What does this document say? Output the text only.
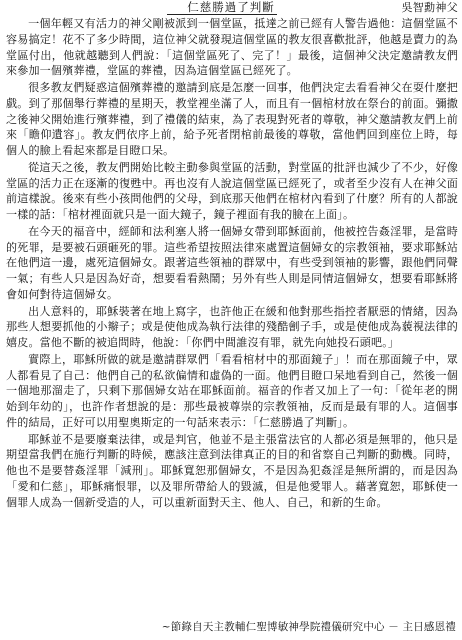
仁慈勝過了判斷	吳智勳神父

一個年輕又有活力的神父剛被派到一個堂區，抵達之前已經有人警告過他：這個堂區不容易搞定！花不了多少時間，這位神父就發現這個堂區的教友很喜歡批評，他越是賣力的為堂區付出，他就越聽到人們說：「這個堂區死了、完了！」最後，這個神父決定邀請教友們來參加一個殯葬禮，堂區的葬禮，因為這個堂區已經死了。

很多教友們疑惑這個殯葬禮的邀請到底是怎麼一回事，他們決定去看看神父在耍什麼把戲。到了那個舉行葬禮的星期天，教堂裡坐滿了人，而且有一個棺材放在祭台的前面。彌撒之後神父開始進行殯葬禮，到了禮儀的結束，為了表現對死者的尊敬，神父邀請教友們上前來「瞻仰遺容」。教友們依序上前，給予死者閉棺前最後的尊敬，當他們回到座位上時，每個人的臉上看起來都是目瞪口呆。

從這天之後，教友們開始比較主動參與堂區的活動，對堂區的批評也減少了不少，好像堂區的活力正在逐漸的復甦中。再也沒有人說這個堂區已經死了，或者至少沒有人在神父面前這樣說。後來有些小孩問他們的父母，到底那天他們在棺材內看到了什麼？所有的人都說一樣的話：「棺材裡面就只是一面大鏡子，鏡子裡面有我的臉在上面」。

在今天的福音中，經師和法利塞人將一個婦女帶到耶穌面前，他被控告姦淫罪，是當時的死罪，是要被石頭砸死的罪。這些希望按照法律來處置這個婦女的宗教領袖，要求耶穌站在他們這一邊，處死這個婦女。跟著這些領袖的群眾中，有些受到領袖的影響，跟他們同聲一氣；有些人只是因為好奇，想要看看熱鬧；另外有些人則是同情這個婦女，想要看耶穌將會如何對待這個婦女。

出人意料的，耶穌裝著在地上寫字，也許他正在緩和他對那些指控者厭惡的情緒，因為那些人想要抓他的小辮子；或是使他成為執行法律的殘酷劊子手，或是使他成為藐視法律的嬉皮。當他不斷的被追問時，他說：「你們中間誰沒有罪，就先向她投石頭吧。」

實際上，耶穌所做的就是邀請群眾們「看看棺材中的那面鏡子」！而在那面鏡子中，眾人都看見了自己：他們自己的私欲偏情和虛偽的一面。他們目瞪口呆地看到自己，然後一個一個地那溜走了，只剩下那個婦女站在耶穌面前。福音的作者又加上了一句：「從年老的開始到年幼的」，也許作者想說的是：那些最被尊崇的宗教領袖，反而是最有罪的人。這個事件的結局，正好可以用聖奧斯定的一句話來表示：「仁慈勝過了判斷」。

耶穌並不是要廢棄法律，或是判官，他並不是主張當法官的人都必須是無罪的，他只是期望當我們在施行判斷的時候，應該注意到法律真正的目的和省察自己判斷的動機。同時，他也不是要替姦淫罪「減刑」。耶穌寬恕那個婦女，不是因為犯姦淫是無所謂的，而是因為「愛和仁慈」，耶穌痛恨罪，以及罪所帶給人的毀滅，但是他愛罪人。藉著寬恕，耶穌使一個罪人成為一個新受造的人，可以重新面對天主、他人、自己，和新的生命。

~節錄自天主教輔仁聖博敏神學院禮儀研究中心 － 主日感恩禮
